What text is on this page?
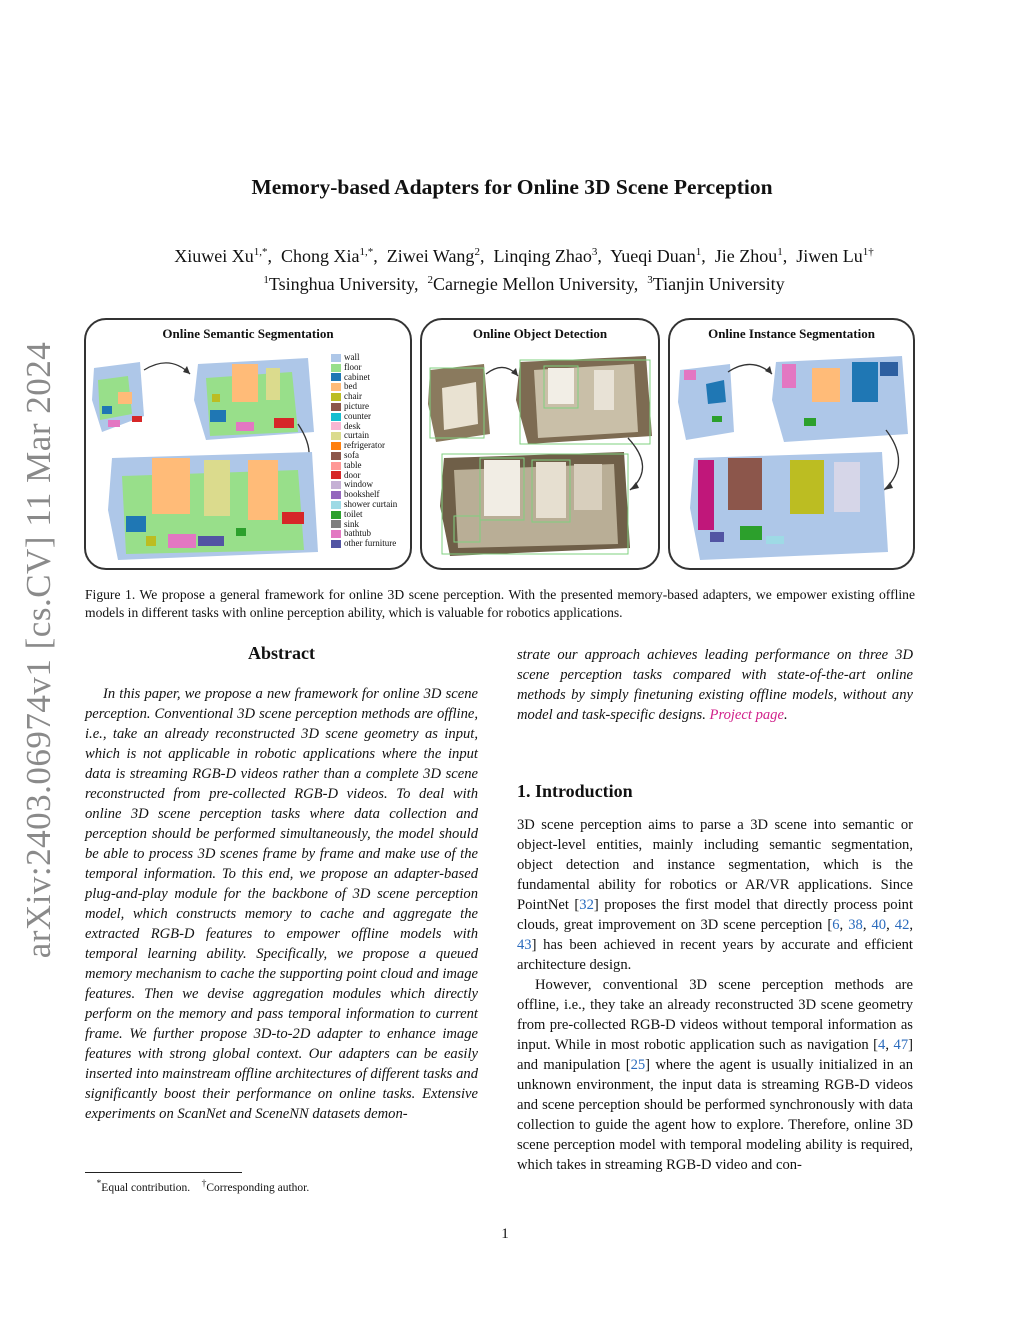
arXiv:2403.06974v1 [cs.CV] 11 Mar 2024
Memory-based Adapters for Online 3D Scene Perception
Xiuwei $Xu^{1,*}$,  Chong Xia$^{1,*}$,  Ziwei Wang$^2$,  Linqing Zhao$^3$,  Yueqi Duan$^1$,  Jie Zhou$^1$,  Jiwen $Lu^{1\dagger}$
$^1$Tsinghua University,  $^2$Carnegie Mellon University,  $^3$Tianjin University
Online Semantic Segmentation	Online Object Detection	Online Instance Segmentation
wall
floor
cabinet
bed
chair
picture
counter
desk
curtain
refrigerator
sofa
table
door
window
bookshelf
shower curtain
toilet
sink
bathtub
other furniture
Figure 1. We propose a general framework for online 3D scene perception. With the presented memory-based adapters, we empower existing offline models in different tasks with online perception ability, which is valuable for robotics applications.
Abstract
In this paper, we propose a new framework for online 3D scene perception. Conventional 3D scene perception methods are offline, i.e., take an already reconstructed 3D scene geometry as input, which is not applicable in robotic applications where the input data is streaming RGB-D videos rather than a complete 3D scene reconstructed from pre-collected RGB-D videos. To deal with online 3D scene perception tasks where data collection and perception should be performed simultaneously, the model should be able to process 3D scenes frame by frame and make use of the temporal information. To this end, we propose an adapter-based plug-and-play module for the backbone of 3D scene perception model, which constructs memory to cache and aggregate the extracted RGB-D features to empower offline models with temporal learning ability. Specifically, we propose a queued memory mechanism to cache the supporting point cloud and image features. Then we devise aggregation modules which directly perform on the memory and pass temporal information to current frame. We further propose 3D-to-2D adapter to enhance image features with strong global context. Our adapters can be easily inserted into mainstream offline architectures of different tasks and significantly boost their performance on online tasks. Extensive experiments on ScanNet and SceneNN datasets demon-
strate our approach achieves leading performance on three 3D scene perception tasks compared with state-of-the-art online methods by simply finetuning existing offline models, without any model and task-specific designs. Project page.
1. Introduction

3D scene perception aims to parse a 3D scene into semantic or object-level entities, mainly including semantic segmentation, object detection and instance segmentation, which is the fundamental ability for robotics or AR/VR applications. Since PointNet [32] proposes the first model that directly process point clouds, great improvement on 3D scene perception [6, 38, 40, 42, 43] has been achieved in recent years by accurate and efficient architecture design.

However, conventional 3D scene perception methods are offline, i.e., they take an already reconstructed 3D scene geometry from pre-collected RGB-D videos without temporal information as input. While in most robotic application such as navigation [4, 47] and manipulation [25] where the agent is usually initialized in an unknown environment, the input data is streaming RGB-D videos and scene perception should be performed synchronously with data collection to guide the agent how to explore. Therefore, online 3D scene perception model with temporal modeling ability is required, which takes in streaming RGB-D video and con-

*Equal contribution. †Corresponding author.
1
